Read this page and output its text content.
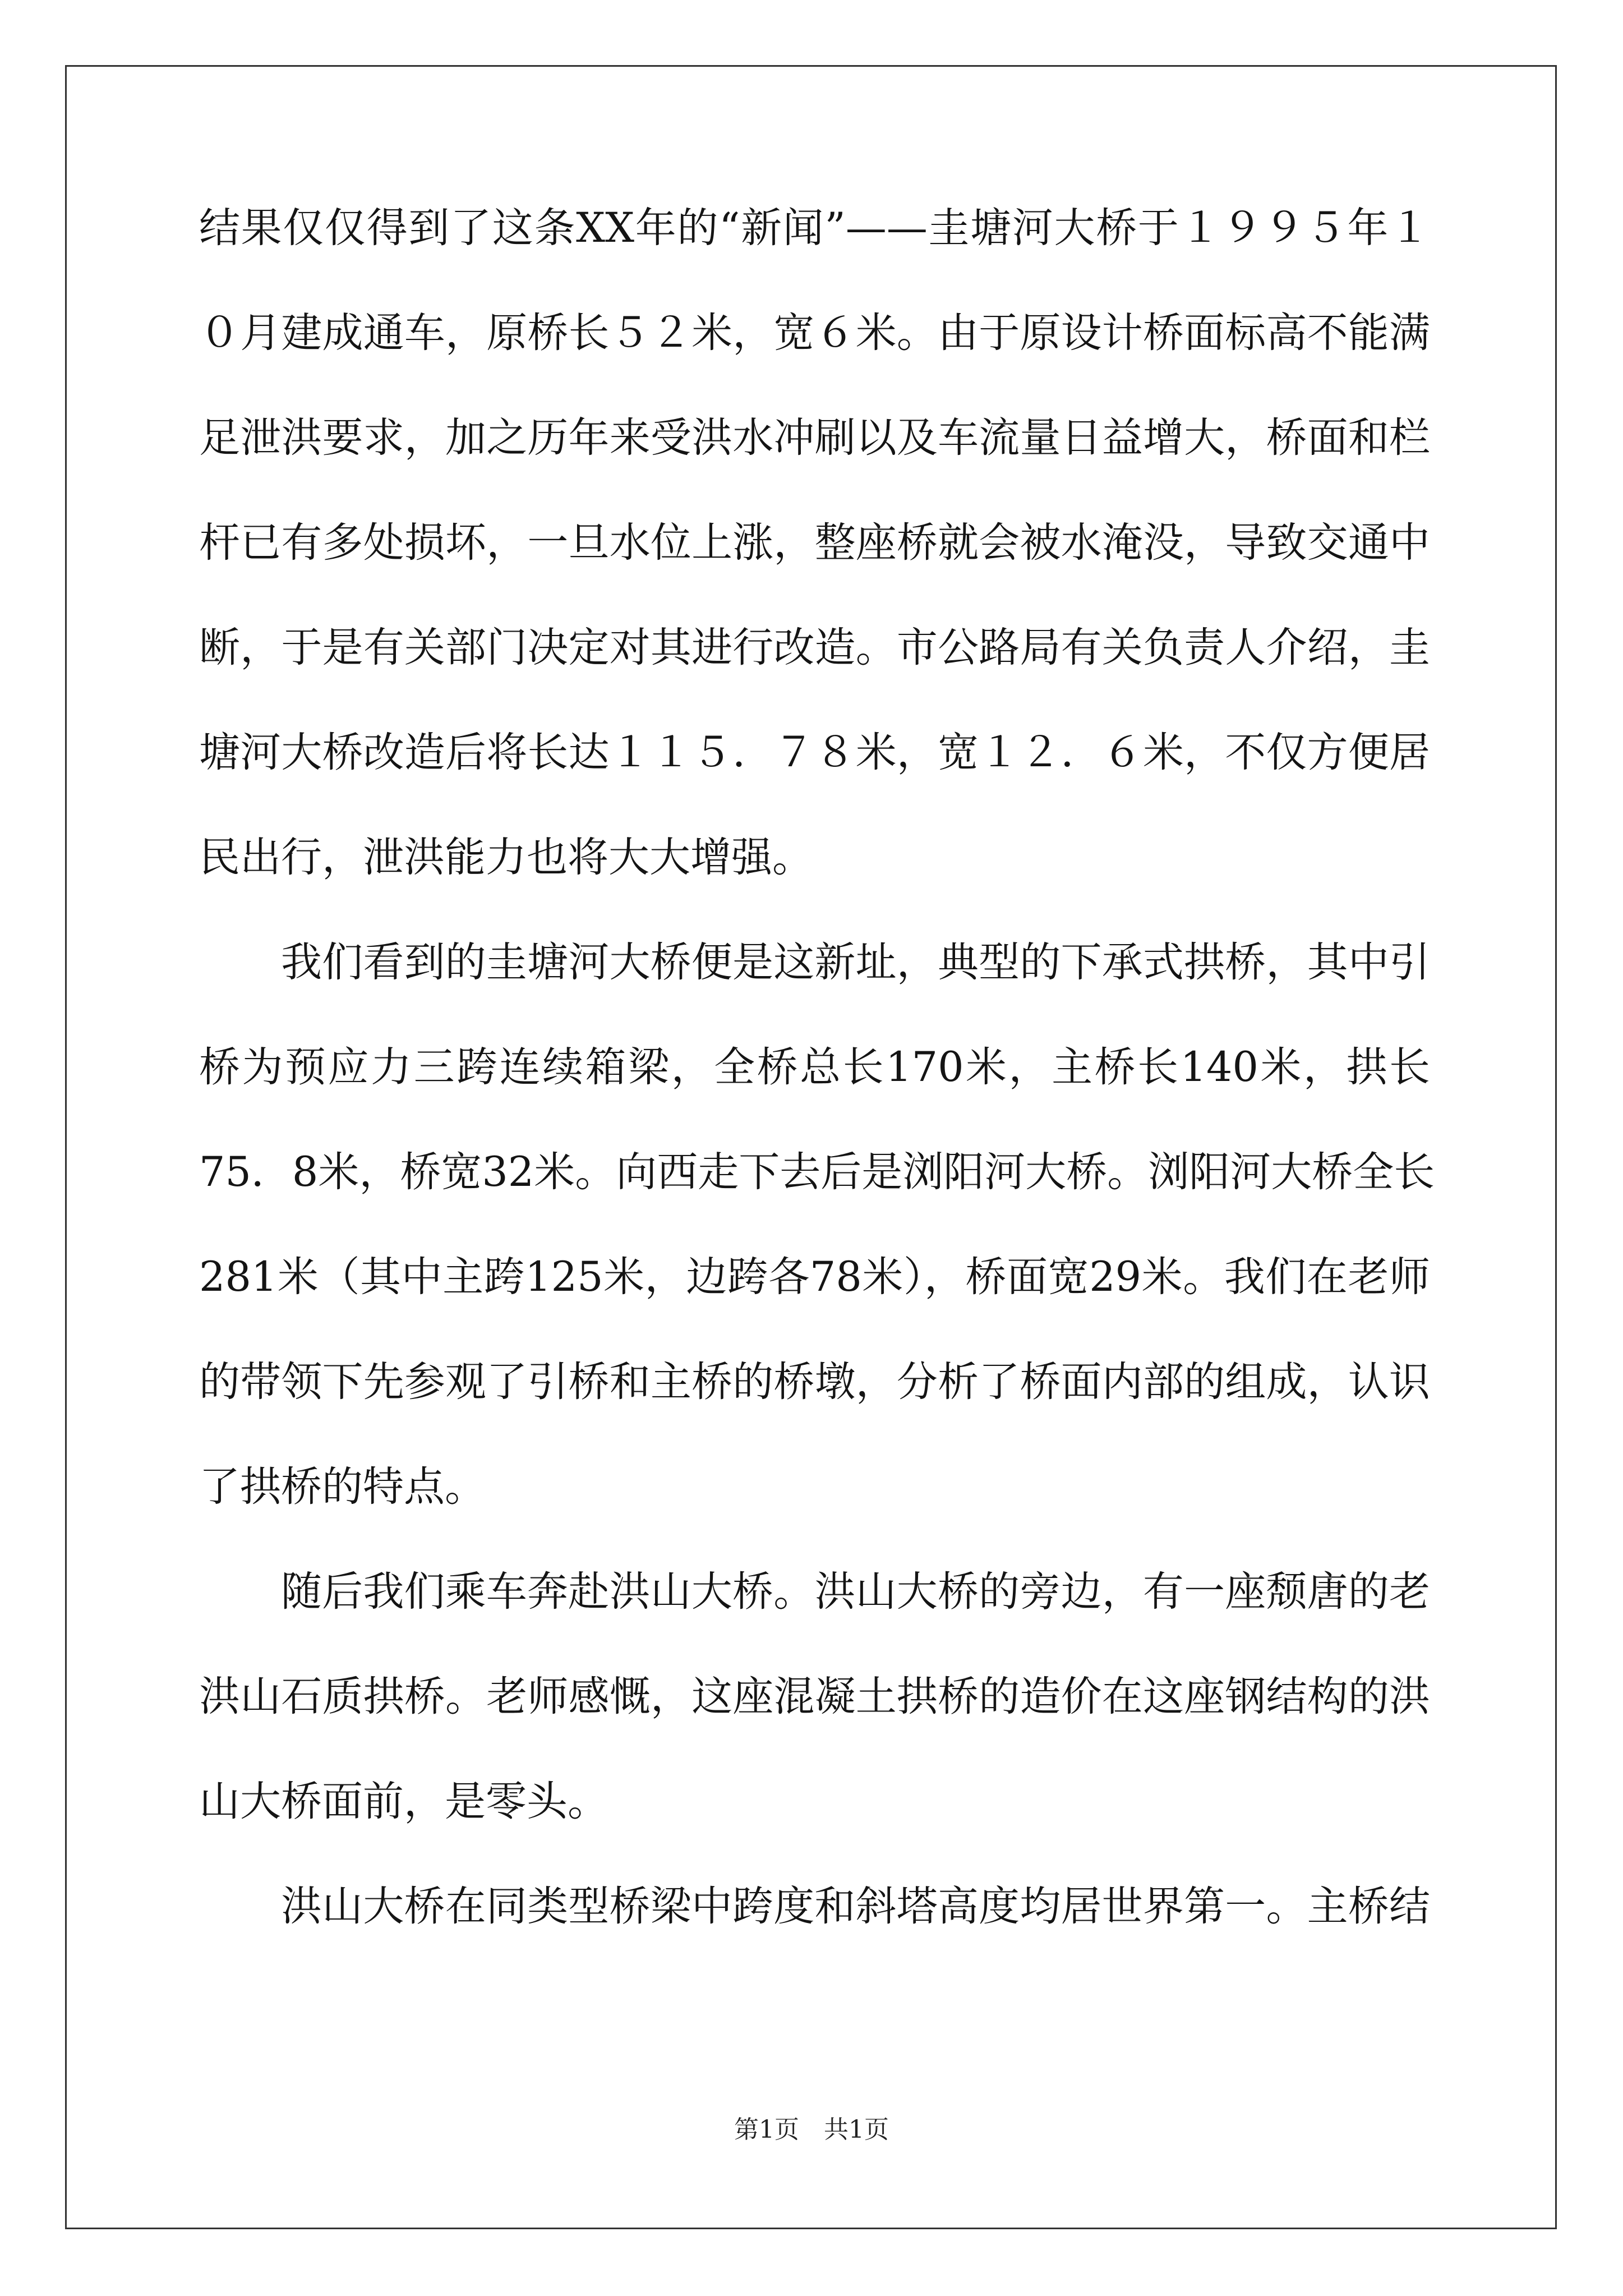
结果仅仅得到了这条XX年的“新闻”——圭塘河大桥于１９９５年１
０月建成通车，原桥长５２米，宽６米。由于原设计桥面标高不能满
足泄洪要求，加之历年来受洪水冲刷以及车流量日益增大，桥面和栏
杆已有多处损坏，一旦水位上涨，整座桥就会被水淹没，导致交通中
断，于是有关部门决定对其进行改造。市公路局有关负责人介绍，圭
塘河大桥改造后将长达１１５．７８米，宽１２．６米，不仅方便居
民出行，泄洪能力也将大大增强。
我们看到的圭塘河大桥便是这新址，典型的下承式拱桥，其中引
桥为预应力三跨连续箱梁，全桥总长170米，主桥长140米，拱长
75．8米，桥宽32米。向西走下去后是浏阳河大桥。浏阳河大桥全长
281米（其中主跨125米，边跨各78米），桥面宽29米。我们在老师
的带领下先参观了引桥和主桥的桥墩，分析了桥面内部的组成，认识
了拱桥的特点。
随后我们乘车奔赴洪山大桥。洪山大桥的旁边，有一座颓唐的老
洪山石质拱桥。老师感慨，这座混凝土拱桥的造价在这座钢结构的洪
山大桥面前，是零头。
洪山大桥在同类型桥梁中跨度和斜塔高度均居世界第一。主桥结
第1页　共1页
